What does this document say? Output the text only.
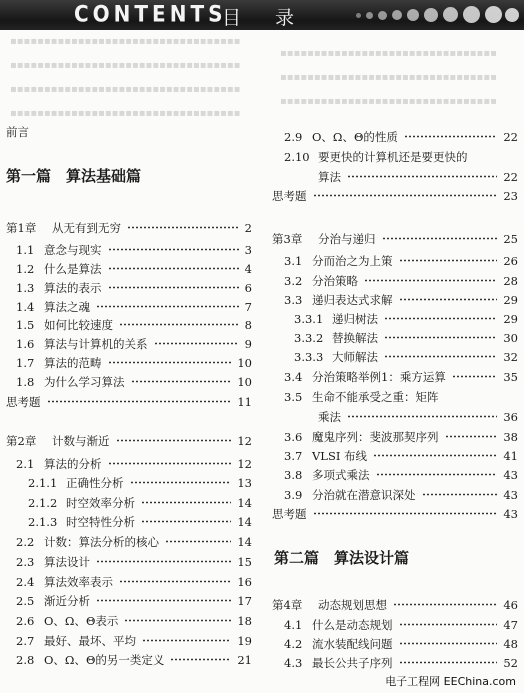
CONTENTS
目 录
▪▪▪▪▪▪▪▪▪▪▪▪▪▪▪▪▪▪▪▪▪▪▪▪▪▪▪▪▪▪▪▪▪▪
▪▪▪▪▪▪▪▪▪▪▪▪▪▪▪▪▪▪▪▪▪▪▪▪▪▪▪▪▪▪▪▪▪▪
▪▪▪▪▪▪▪▪▪▪▪▪▪▪▪▪▪▪▪▪▪▪▪▪▪▪▪▪▪▪▪▪▪▪
▪▪▪▪▪▪▪▪▪▪▪▪▪▪▪▪▪▪▪▪▪▪▪▪▪▪▪▪▪▪▪▪▪▪
▪▪▪▪▪▪▪▪▪▪▪▪▪▪▪▪▪▪▪▪▪▪▪▪▪▪▪▪▪▪▪▪
▪▪▪▪▪▪▪▪▪▪▪▪▪▪▪▪▪▪▪▪▪▪▪▪▪▪▪▪▪▪▪▪
▪▪▪▪▪▪▪▪▪▪▪▪▪▪▪▪▪▪▪▪▪▪▪▪▪▪▪▪▪▪▪▪
前言
第一篇　算法基础篇
第1章 从无有到无穷	2
1.1 意念与现实	3
1.2 什么是算法	4
1.3 算法的表示	6
1.4 算法之魂	7
1.5 如何比较速度	8
1.6 算法与计算机的关系	9
1.7 算法的范畴	10
1.8 为什么学习算法	10
思考题	11
第2章 计数与渐近	12
2.1 算法的分析	12
2.1.1 正确性分析	13
2.1.2 时空效率分析	14
2.1.3 时空特性分析	14
2.2 计数：算法分析的核心	14
2.3 算法设计	15
2.4 算法效率表示	16
2.5 渐近分析	17
2.6 O、Ω、Θ表示	18
2.7 最好、最坏、平均	19
2.8 O、Ω、Θ的另一类定义	21
2.9 O、Ω、Θ的性质	22
2.10 要更快的计算机还是要更快的
算法	22
思考题	23
第3章 分治与递归	25
3.1 分而治之为上策	26
3.2 分治策略	28
3.3 递归表达式求解	29
3.3.1 递归树法	29
3.3.2 替换解法	30
3.3.3 大师解法	32
3.4 分治策略举例1：乘方运算	35
3.5 生命不能承受之重：矩阵
乘法	36
3.6 魔鬼序列：斐波那契序列	38
3.7 VLSI 布线	41
3.8 多项式乘法	43
3.9 分治就在潜意识深处	43
思考题	43
第4章 动态规划思想	46
4.1 什么是动态规划	47
4.2 流水装配线问题	48
4.3 最长公共子序列	52
第二篇　算法设计篇
电子工程网 EEChina.com
